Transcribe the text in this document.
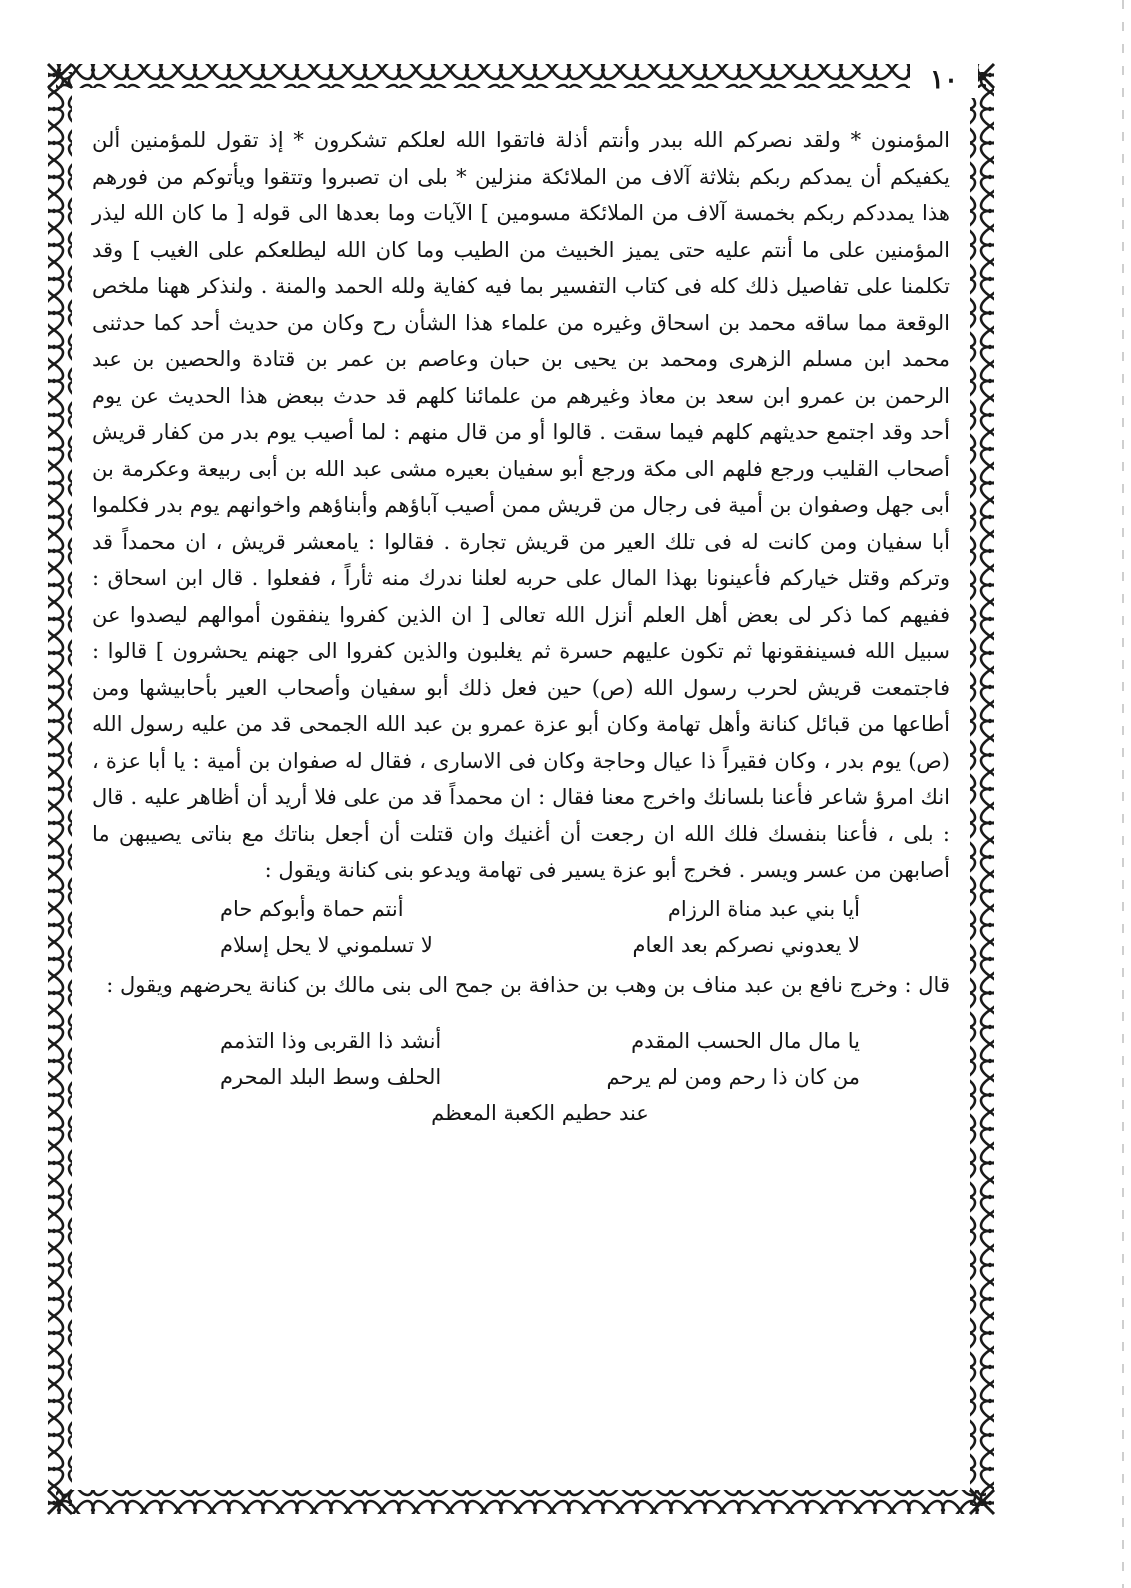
١٠

المؤمنون * ولقد نصركم الله ببدر وأنتم أذلة فاتقوا الله لعلكم تشكرون * إذ تقول للمؤمنين ألن يكفيكم أن يمدكم ربكم بثلاثة آلاف من الملائكة منزلين * بلى ان تصبروا وتتقوا ويأتوكم من فورهم هذا يمددكم ربكم بخمسة آلاف من الملائكة مسومين ] الآيات وما بعدها الى قوله [ ما كان الله ليذر المؤمنين على ما أنتم عليه حتى يميز الخبيث من الطيب وما كان الله ليطلعكم على الغيب ] وقد تكلمنا على تفاصيل ذلك كله فى كتاب التفسير بما فيه كفاية ولله الحمد والمنة . ولنذكر ههنا ملخص الوقعة مما ساقه محمد بن اسحاق وغيره من علماء هذا الشأن رح وكان من حديث أحد كما حدثنى محمد ابن مسلم الزهرى ومحمد بن يحيى بن حبان وعاصم بن عمر بن قتادة والحصين بن عبد الرحمن بن عمرو ابن سعد بن معاذ وغيرهم من علمائنا كلهم قد حدث ببعض هذا الحديث عن يوم أحد وقد اجتمع حديثهم كلهم فيما سقت . قالوا أو من قال منهم : لما أصيب يوم بدر من كفار قريش أصحاب القليب ورجع فلهم الى مكة ورجع أبو سفيان بعيره مشى عبد الله بن أبى ربيعة وعكرمة بن أبى جهل وصفوان بن أمية فى رجال من قريش ممن أصيب آباؤهم وأبناؤهم واخوانهم يوم بدر فكلموا أبا سفيان ومن كانت له فى تلك العير من قريش تجارة . فقالوا : يامعشر قريش ، ان محمداً قد وتركم وقتل خياركم فأعينونا بهذا المال على حربه لعلنا ندرك منه ثأراً ، ففعلوا . قال ابن اسحاق : ففيهم كما ذكر لى بعض أهل العلم أنزل الله تعالى [ ان الذين كفروا ينفقون أموالهم ليصدوا عن سبيل الله فسينفقونها ثم تكون عليهم حسرة ثم يغلبون والذين كفروا الى جهنم يحشرون ] قالوا : فاجتمعت قريش لحرب رسول الله (ص) حين فعل ذلك أبو سفيان وأصحاب العير بأحابيشها ومن أطاعها من قبائل كنانة وأهل تهامة وكان أبو عزة عمرو بن عبد الله الجمحى قد من عليه رسول الله (ص) يوم بدر ، وكان فقيراً ذا عيال وحاجة وكان فى الاسارى ، فقال له صفوان بن أمية : يا أبا عزة ، انك امرؤ شاعر فأعنا بلسانك واخرج معنا فقال : ان محمداً قد من على فلا أريد أن أظاهر عليه . قال : بلى ، فأعنا بنفسك فلك الله ان رجعت أن أغنيك وان قتلت أن أجعل بناتك مع بناتى يصيبهن ما أصابهن من عسر ويسر . فخرج أبو عزة يسير فى تهامة ويدعو بنى كنانة ويقول :

أيا بني عبد مناة الرزام
أنتم حماة وأبوكم حام
لا يعدوني نصركم بعد العام
لا تسلموني لا يحل إسلام

قال : وخرج نافع بن عبد مناف بن وهب بن حذافة بن جمح الى بنى مالك بن كنانة يحرضهم ويقول :

يا مال مال الحسب المقدم
أنشد ذا القربى وذا التذمم
من كان ذا رحم ومن لم يرحم
الحلف وسط البلد المحرم
عند حطيم الكعبة المعظم
